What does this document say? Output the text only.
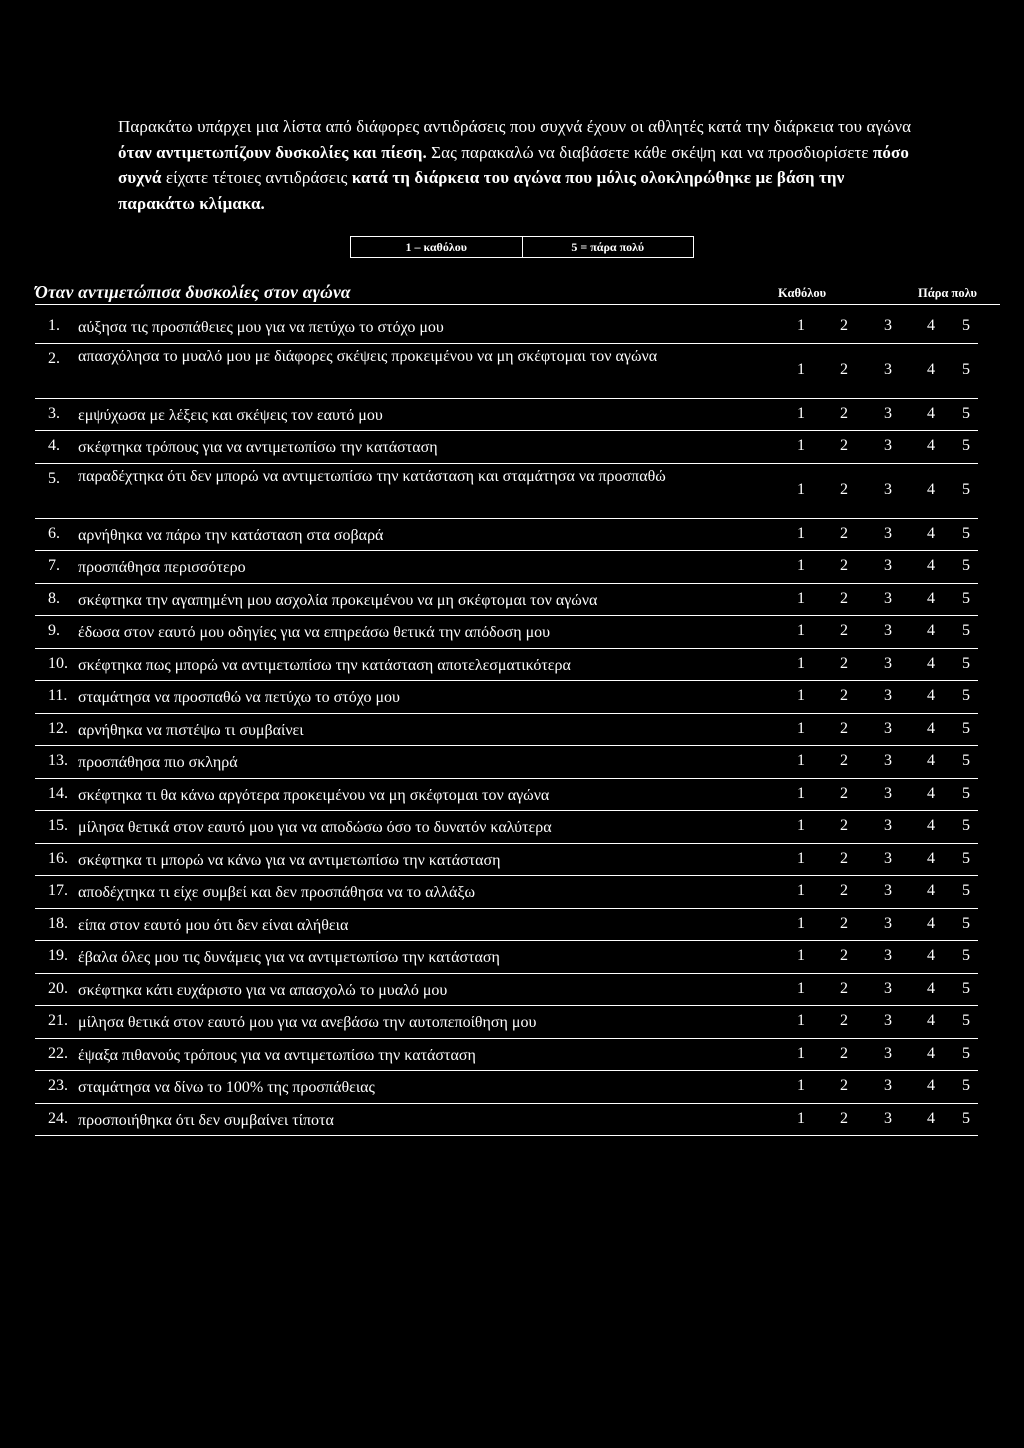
Παρακάτω υπάρχει μια λίστα από διάφορες αντιδράσεις που συχνά έχουν οι αθλητές κατά την διάρκεια του αγώνα όταν αντιμετωπίζουν δυσκολίες και πίεση. Σας παρακαλώ να διαβάσετε κάθε σκέψη και να προσδιορίσετε πόσο συχνά είχατε τέτοιες αντιδράσεις κατά τη διάρκεια του αγώνα που μόλις ολοκληρώθηκε με βάση την παρακάτω κλίμακα.
1 – καθόλου	5 = πάρα πολύ
Όταν αντιμετώπισα δυσκολίες στον αγώνα	Καθόλου	Πάρα πολυ
1. αύξησα τις προσπάθειες μου για να πετύχω το στόχο μου	1 2 3 4 5
2. απασχόλησα το μυαλό μου με διάφορες σκέψεις προκειμένου να μη σκέφτομαι τον αγώνα
1 2 3 4 5
3. εμψύχωσα με λέξεις και σκέψεις τον εαυτό μου	1 2 3 4 5
4. σκέφτηκα τρόπους για να αντιμετωπίσω την κατάσταση	1 2 3 4 5
5. παραδέχτηκα ότι δεν μπορώ να αντιμετωπίσω την κατάσταση και σταμάτησα να προσπαθώ
1 2 3 4 5
6. αρνήθηκα να πάρω την κατάσταση στα σοβαρά	1 2 3 4 5
7. προσπάθησα περισσότερο	1 2 3 4 5
8. σκέφτηκα την αγαπημένη μου ασχολία προκειμένου να μη σκέφτομαι τον αγώνα	1 2 3 4 5
9. έδωσα στον εαυτό μου οδηγίες για να επηρεάσω θετικά την απόδοση μου	1 2 3 4 5
10. σκέφτηκα πως μπορώ να αντιμετωπίσω την κατάσταση αποτελεσματικότερα	1 2 3 4 5
11. σταμάτησα να προσπαθώ να πετύχω το στόχο μου	1 2 3 4 5
12. αρνήθηκα να πιστέψω τι συμβαίνει	1 2 3 4 5
13. προσπάθησα πιο σκληρά	1 2 3 4 5
14. σκέφτηκα τι θα κάνω αργότερα προκειμένου να μη σκέφτομαι τον αγώνα	1 2 3 4 5
15. μίλησα θετικά στον εαυτό μου για να αποδώσω όσο το δυνατόν καλύτερα	1 2 3 4 5
16. σκέφτηκα τι μπορώ να κάνω για να αντιμετωπίσω την κατάσταση	1 2 3 4 5
17. αποδέχτηκα τι είχε συμβεί και δεν προσπάθησα να το αλλάξω	1 2 3 4 5
18. είπα στον εαυτό μου ότι δεν είναι αλήθεια	1 2 3 4 5
19. έβαλα όλες μου τις δυνάμεις για να αντιμετωπίσω την κατάσταση	1 2 3 4 5
20. σκέφτηκα κάτι ευχάριστο για να απασχολώ το μυαλό μου	1 2 3 4 5
21. μίλησα θετικά στον εαυτό μου για να ανεβάσω την αυτοπεποίθηση μου	1 2 3 4 5
22. έψαξα πιθανούς τρόπους για να αντιμετωπίσω την κατάσταση	1 2 3 4 5
23. σταμάτησα να δίνω το 100% της προσπάθειας	1 2 3 4 5
24. προσποιήθηκα ότι δεν συμβαίνει τίποτα	1 2 3 4 5
